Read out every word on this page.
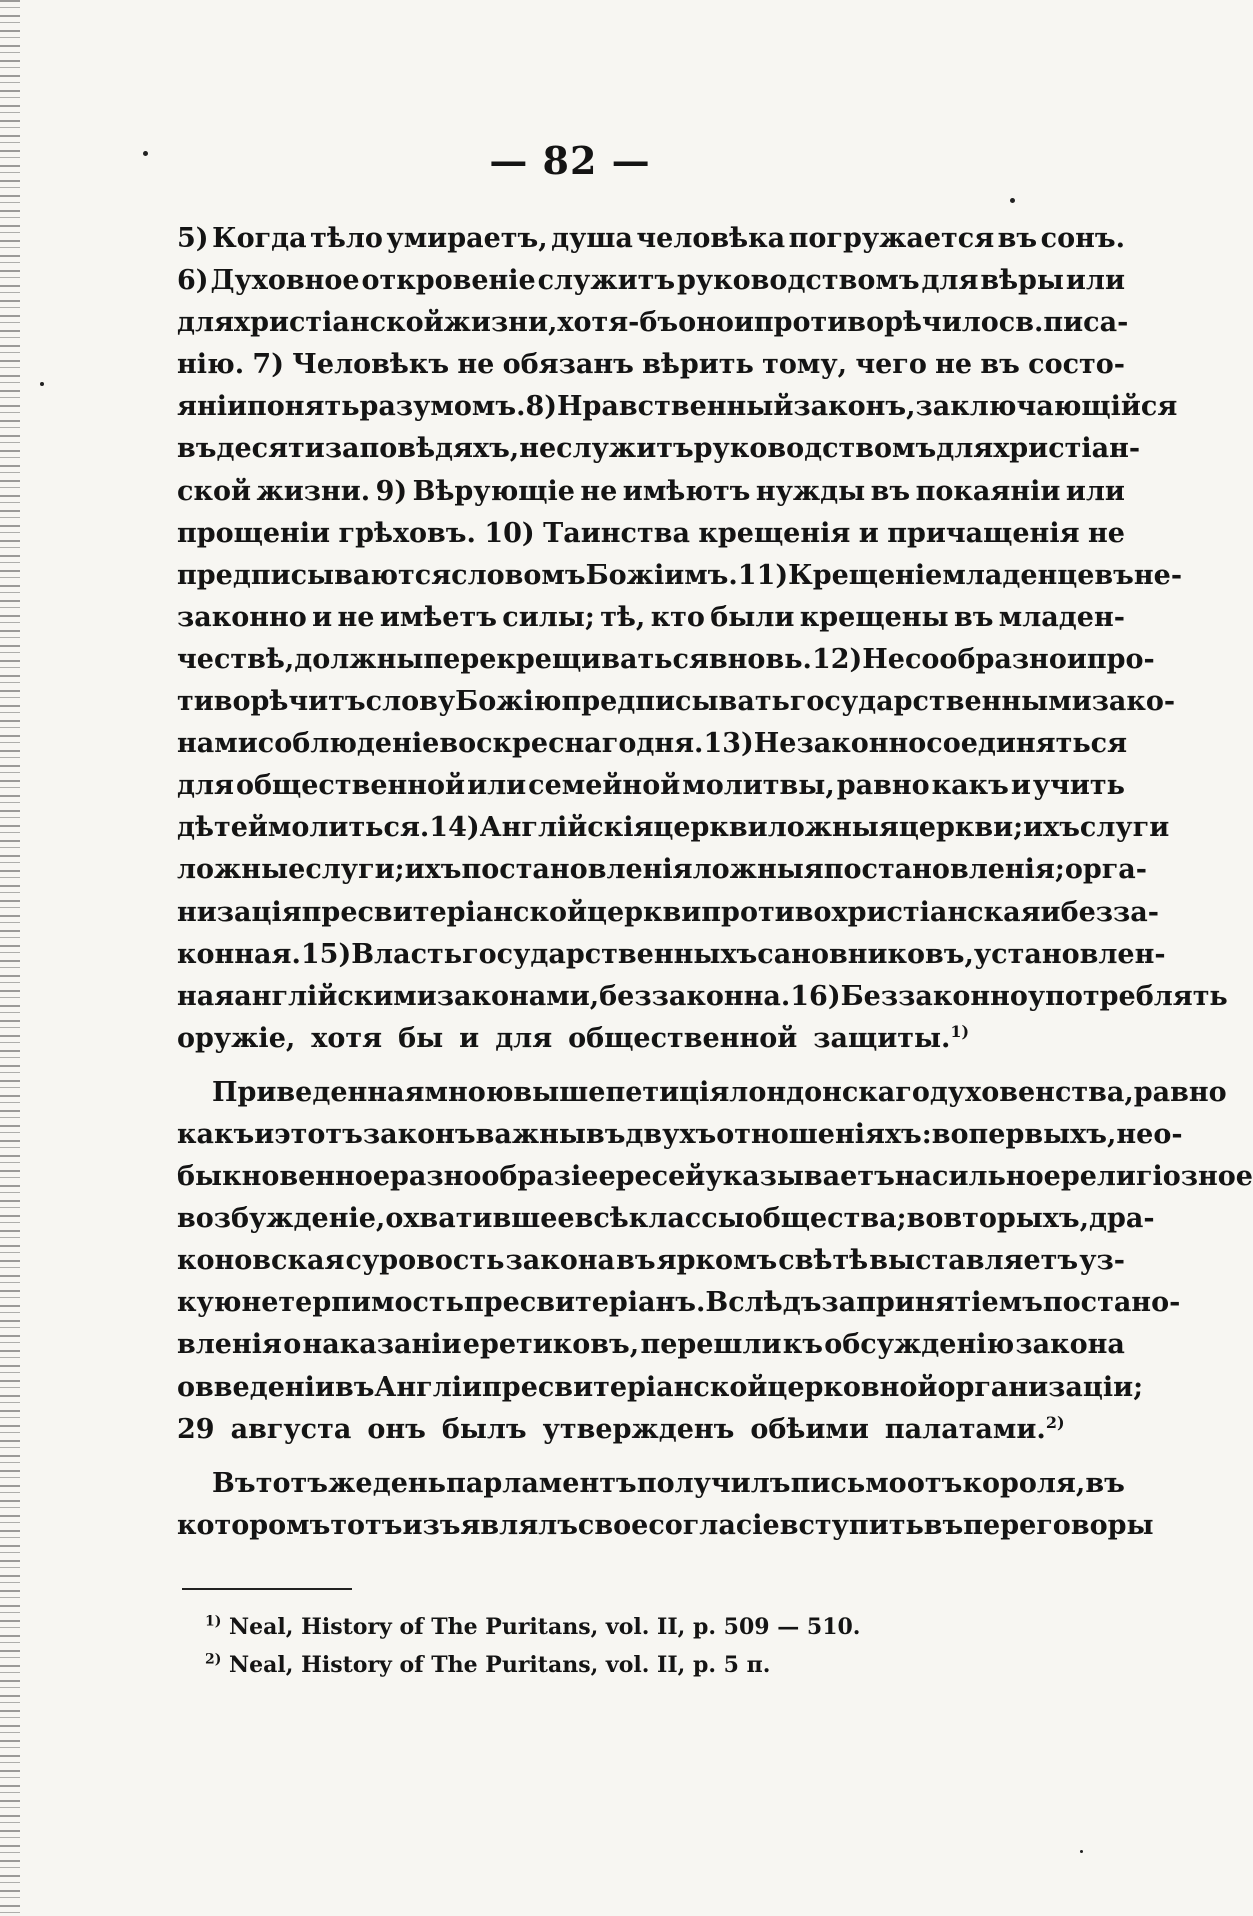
— 82 —
5) Когда тѣло умираетъ, душа человѣка погружается въ сонъ.
6) Духовное откровеніе служитъ руководствомъ для вѣры или
для христіанской жизни, хотя-бъ оно и противорѣчило св. писа-
нію. 7) Человѣкъ не обязанъ вѣрить тому, чего не въ состо-
яніи понять разумомъ. 8) Нравственный законъ, заключающійся
въ десяти заповѣдяхъ, не служитъ руководствомъ для христіан-
ской жизни. 9) Вѣрующіе не имѣютъ нужды въ покаяніи или
прощеніи грѣховъ. 10) Таинства крещенія и причащенія не
предписываются словомъ Божіимъ. 11) Крещеніе младенцевъ не-
законно и не имѣетъ силы; тѣ, кто были крещены въ младен-
чествѣ, должны перекрещиваться вновь. 12) Несообразно и про-
тиворѣчитъ слову Божію предписывать государственными зако-
нами соблюденіе воскреснаго дня. 13) Незаконно соединяться
для общественной или семейной молитвы, равно какъ и учить
дѣтей молиться. 14) Англійскія церкви ложныя церкви; ихъ слуги
ложные слуги; ихъ постановленія ложныя постановленія; орга-
низація пресвитеріанской церкви противохристіанская и безза-
конная. 15) Власть государственныхъ сановниковъ, установлен-
ная англійскими законами, беззаконна. 16) Беззаконно употреблять
оружіе, хотя бы и для общественной защиты.$^{1)}$
Приведенная мною выше петиція лондонскаго духовенства, равно
какъ и этотъ законъ важны въ двухъ отношеніяхъ: во первыхъ, нео-
быкновенное разнообразіе ересей указываетъ на сильное религіозное
возбужденіе, охватившее всѣ классы общества; во вторыхъ, дра-
коновская суровость закона въ яркомъ свѣтѣ выставляетъ уз-
кую нетерпимость пресвитеріанъ. Вслѣдъ за принятіемъ постано-
вленія о наказаніи еретиковъ, перешли къ обсужденію закона
о введеніи въ Англіи пресвитеріанской церковной организаціи;
29 августа онъ былъ утвержденъ обѣими палатами.$^{2)}$
Въ тотъ же день парламентъ получилъ письмо отъ короля, въ
которомъ тотъ изъявлялъ свое согласіе вступить въ переговоры
$^{1)}$ Neal, History of The Puritans, vol. II, p. 509 — 510.
$^{2)}$ Neal, History of The Puritans, vol. II, p. 5 п.
